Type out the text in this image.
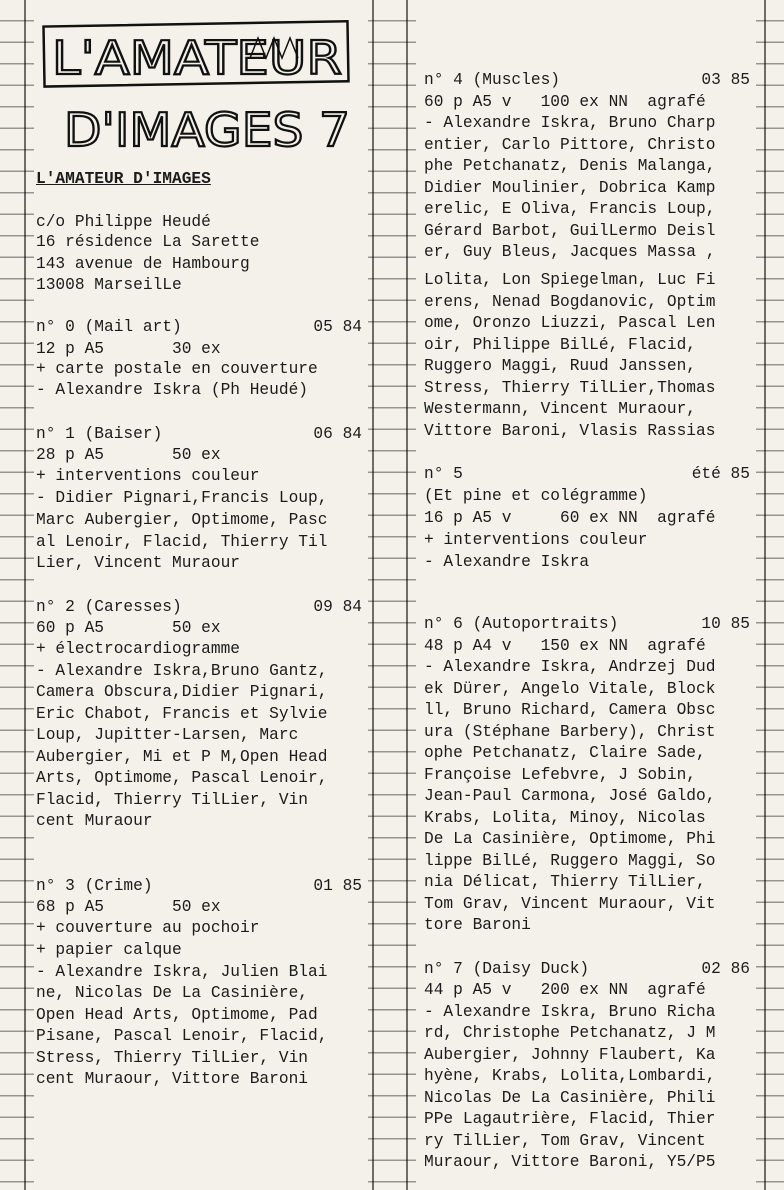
L'AMATEUR
D'IMAGES 7
L'AMATEUR D'IMAGES
c/o Philippe Heudé
16 résidence La Sarette
143 avenue de Hambourg
13008 MarseilLe
n° 0 (Mail art)	05 84
12 p A5       30 ex
+ carte postale en couverture
- Alexandre Iskra (Ph Heudé)
n° 1 (Baiser)	06 84
28 p A5       50 ex
+ interventions couleur
- Didier Pignari,Francis Loup,
Marc Aubergier, Optimome, Pasc
al Lenoir, Flacid, Thierry Til
Lier, Vincent Muraour
n° 2 (Caresses)	09 84
60 p A5       50 ex
+ électrocardiogramme
- Alexandre Iskra,Bruno Gantz,
Camera Obscura,Didier Pignari,
Eric Chabot, Francis et Sylvie
Loup, Jupitter-Larsen, Marc
Aubergier, Mi et P M,Open Head
Arts, Optimome, Pascal Lenoir,
Flacid, Thierry TilLier, Vin
cent Muraour
n° 3 (Crime)	01 85
68 p A5       50 ex
+ couverture au pochoir
+ papier calque
- Alexandre Iskra, Julien Blai
ne, Nicolas De La Casinière,
Open Head Arts, Optimome, Pad
Pisane, Pascal Lenoir, Flacid,
Stress, Thierry TilLier, Vin
cent Muraour, Vittore Baroni
n° 4 (Muscles)	03 85
60 p A5 v   100 ex NN  agrafé
- Alexandre Iskra, Bruno Charp
entier, Carlo Pittore, Christo
phe Petchanatz, Denis Malanga,
Didier Moulinier, Dobrica Kamp
erelic, E Oliva, Francis Loup,
Gérard Barbot, GuilLermo Deisl
er, Guy Bleus, Jacques Massa ,
Lolita, Lon Spiegelman, Luc Fi
erens, Nenad Bogdanovic, Optim
ome, Oronzo Liuzzi, Pascal Len
oir, Philippe BilLé, Flacid,
Ruggero Maggi, Ruud Janssen,
Stress, Thierry TilLier,Thomas
Westermann, Vincent Muraour,
Vittore Baroni, Vlasis Rassias
n° 5	été 85
(Et pine et colégramme)
16 p A5 v     60 ex NN  agrafé
+ interventions couleur
- Alexandre Iskra
n° 6 (Autoportraits)	10 85
48 p A4 v   150 ex NN  agrafé
- Alexandre Iskra, Andrzej Dud
ek Dürer, Angelo Vitale, Block
ll, Bruno Richard, Camera Obsc
ura (Stéphane Barbery), Christ
ophe Petchanatz, Claire Sade,
Françoise Lefebvre, J Sobin,
Jean-Paul Carmona, José Galdo,
Krabs, Lolita, Minoy, Nicolas
De La Casinière, Optimome, Phi
lippe BilLé, Ruggero Maggi, So
nia Délicat, Thierry TilLier,
Tom Grav, Vincent Muraour, Vit
tore Baroni
n° 7 (Daisy Duck)	02 86
44 p A5 v   200 ex NN  agrafé
- Alexandre Iskra, Bruno Richa
rd, Christophe Petchanatz, J M
Aubergier, Johnny Flaubert, Ka
hyène, Krabs, Lolita,Lombardi,
Nicolas De La Casinière, Phili
PPe Lagautrière, Flacid, Thier
ry TilLier, Tom Grav, Vincent
Muraour, Vittore Baroni, Y5/P5
